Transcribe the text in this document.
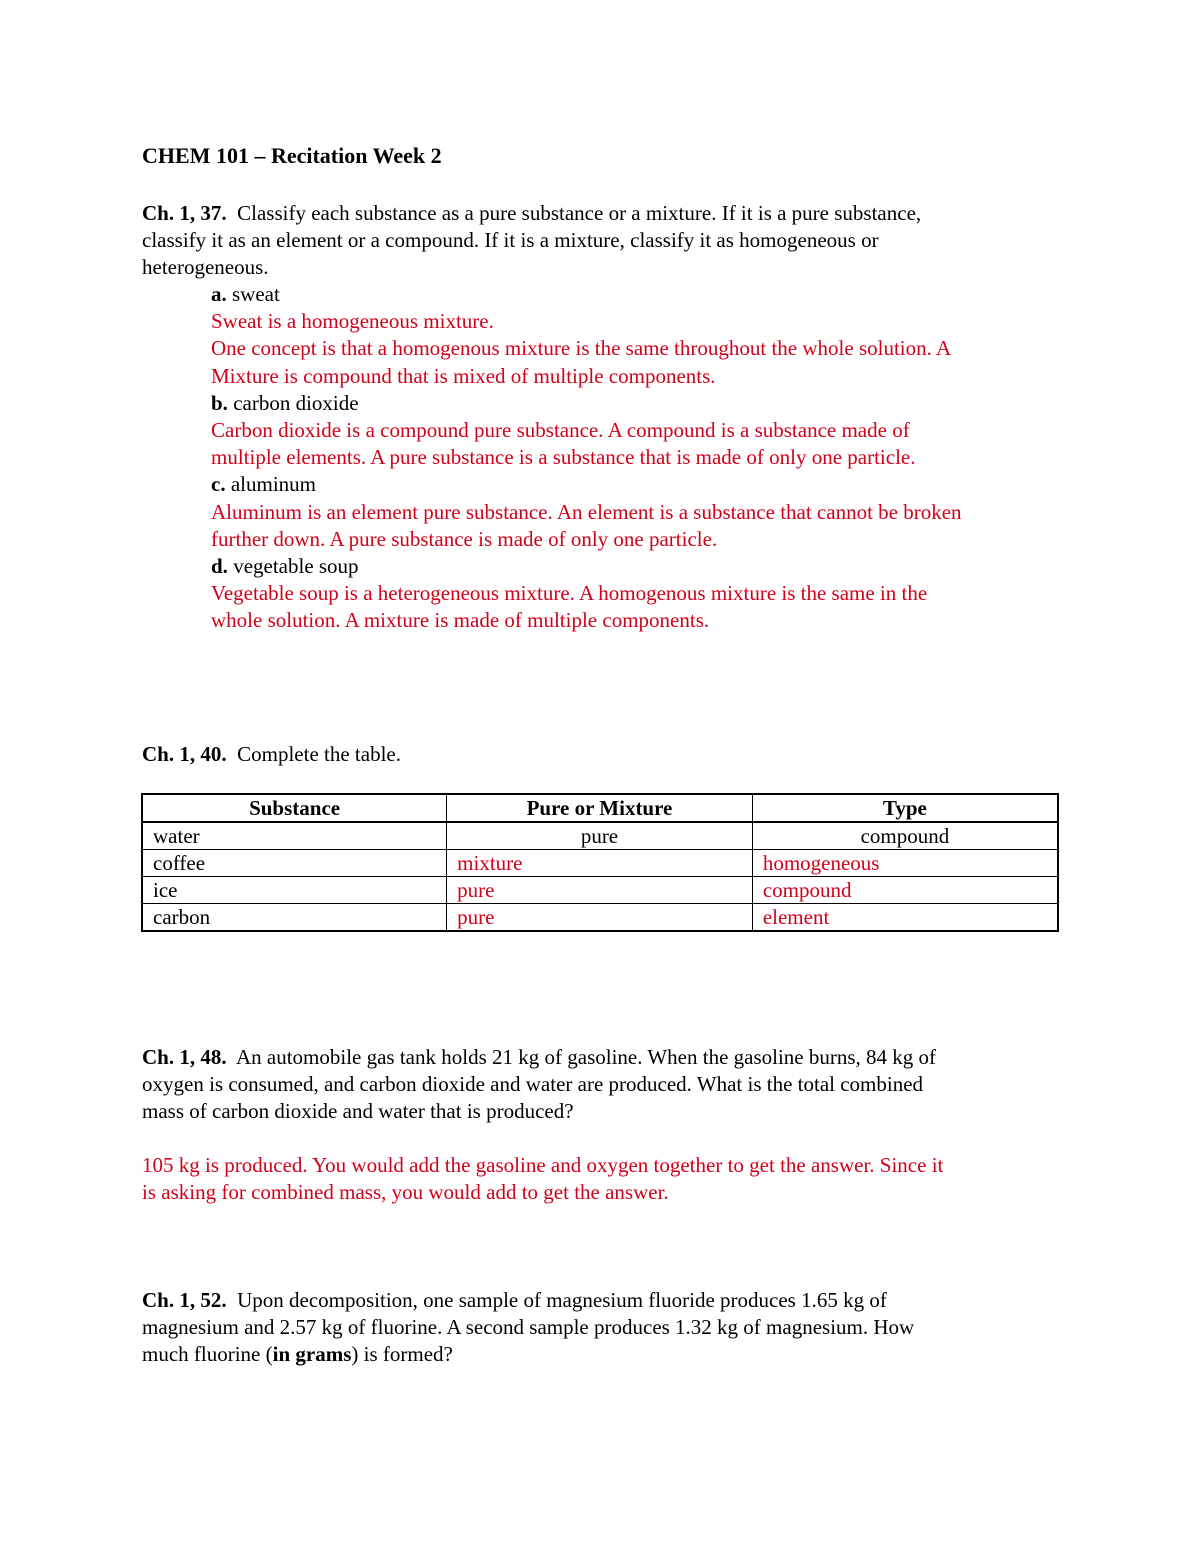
CHEM 101 – Recitation Week 2
Ch. 1, 37. Classify each substance as a pure substance or a mixture. If it is a pure substance,
classify it as an element or a compound. If it is a mixture, classify it as homogeneous or
heterogeneous.
a. sweat
Sweat is a homogeneous mixture.
One concept is that a homogenous mixture is the same throughout the whole solution. A
Mixture is compound that is mixed of multiple components.
b. carbon dioxide
Carbon dioxide is a compound pure substance. A compound is a substance made of
multiple elements. A pure substance is a substance that is made of only one particle.
c. aluminum
Aluminum is an element pure substance. An element is a substance that cannot be broken
further down. A pure substance is made of only one particle.
d. vegetable soup
Vegetable soup is a heterogeneous mixture. A homogenous mixture is the same in the
whole solution. A mixture is made of multiple components.
Ch. 1, 40. Complete the table.
Substance	Pure or Mixture	Type
water	pure	compound
coffee	mixture	homogeneous
ice	pure	compound
carbon	pure	element
Ch. 1, 48. An automobile gas tank holds 21 kg of gasoline. When the gasoline burns, 84 kg of
oxygen is consumed, and carbon dioxide and water are produced. What is the total combined
mass of carbon dioxide and water that is produced?
105 kg is produced. You would add the gasoline and oxygen together to get the answer. Since it
is asking for combined mass, you would add to get the answer.
Ch. 1, 52. Upon decomposition, one sample of magnesium fluoride produces 1.65 kg of
magnesium and 2.57 kg of fluorine. A second sample produces 1.32 kg of magnesium. How
much fluorine (in grams) is formed?
